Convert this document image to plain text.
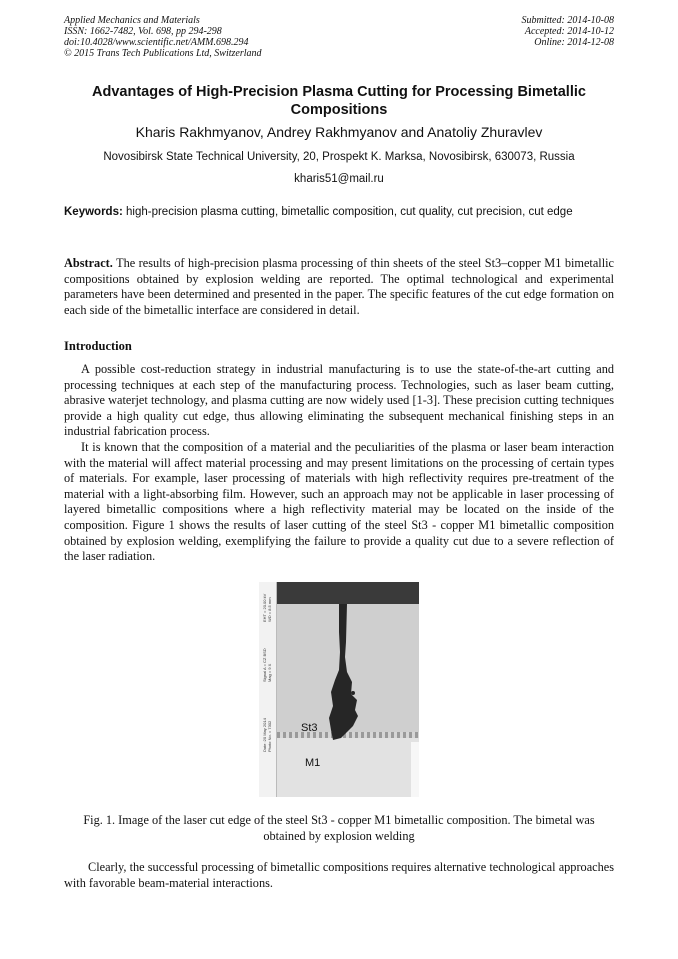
Applied Mechanics and Materials
ISSN: 1662-7482, Vol. 698, pp 294-298
doi:10.4028/www.scientific.net/AMM.698.294
© 2015 Trans Tech Publications Ltd, Switzerland
Submitted: 2014-10-08
Accepted: 2014-10-12
Online: 2014-12-08
Advantages of High-Precision Plasma Cutting for Processing Bimetallic Compositions
Kharis Rakhmyanov, Andrey Rakhmyanov and Anatoliy Zhuravlev
Novosibirsk State Technical University, 20, Prospekt K. Marksa, Novosibirsk, 630073, Russia
kharis51@mail.ru
Keywords: high-precision plasma cutting, bimetallic composition, cut quality, cut precision, cut edge
Abstract. The results of high-precision plasma processing of thin sheets of the steel St3–copper M1 bimetallic compositions obtained by explosion welding are reported. The optimal technological and experimental parameters have been determined and presented in the paper. The specific features of the cut edge formation on each side of the bimetallic interface are considered in detail.
Introduction
A possible cost-reduction strategy in industrial manufacturing is to use the state-of-the-art cutting and processing techniques at each step of the manufacturing process. Technologies, such as laser beam cutting, abrasive waterjet technology, and plasma cutting are now widely used [1-3]. These precision cutting techniques provide a high quality cut edge, thus allowing eliminating the subsequent mechanical finishing steps in an industrial fabrication process.
It is known that the composition of a material and the peculiarities of the plasma or laser beam interaction with the material will affect material processing and may present limitations on the processing of certain types of materials. For example, laser processing of materials with high reflectivity requires pre-treatment of the material with a light-absorbing film. However, such an approach may not be applicable in laser processing of layered bimetallic compositions where a high reflectivity material may be located on the inside of the composition. Figure 1 shows the results of laser cutting of the steel St3 - copper M1 bimetallic composition obtained by explosion welding, exemplifying the failure to provide a quality cut due to a severe reflection of the laser radiation.
EHT = 20.00 kV WD = 8.5 mm
Signal A = CZ BSD Mag = 9 X
Date :20 May 2014 Photo No. = 7302	St3
M1
Fig. 1. Image of the laser cut edge of the steel St3 - copper M1 bimetallic composition. The bimetal was obtained by explosion welding
Clearly, the successful processing of bimetallic compositions requires alternative technological approaches with favorable beam-material interactions.
